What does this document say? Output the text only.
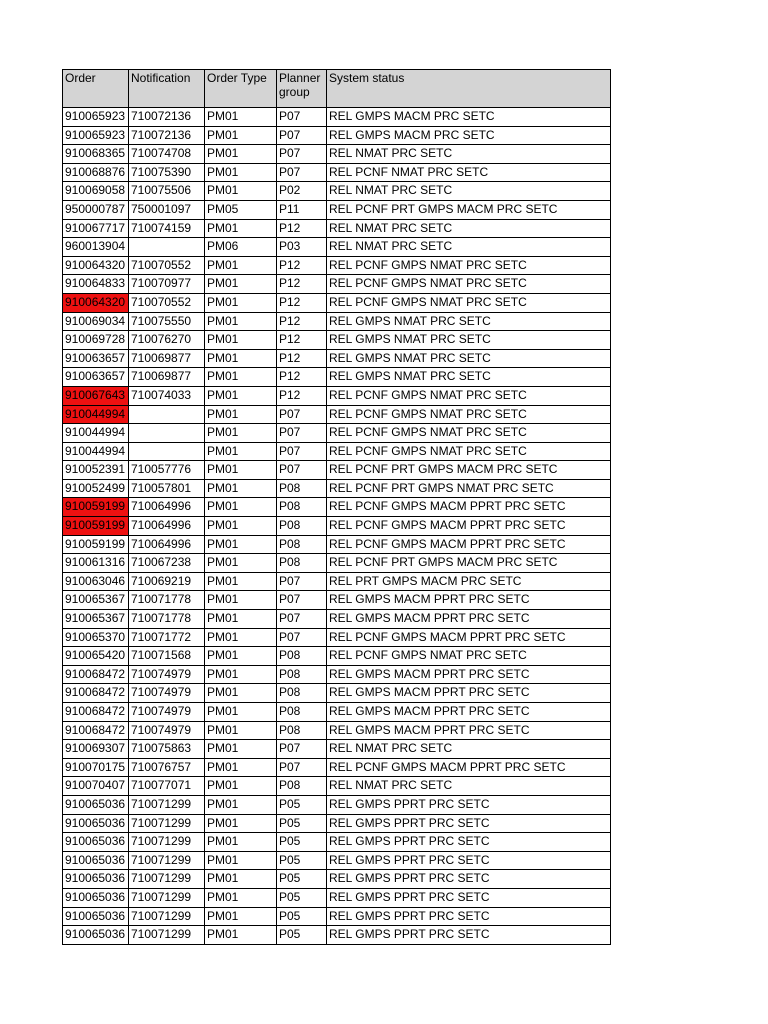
Order	Notification	Order Type	Planner group	System status
910065923	710072136	PM01	P07	REL GMPS MACM PRC SETC
910065923	710072136	PM01	P07	REL GMPS MACM PRC SETC
910068365	710074708	PM01	P07	REL NMAT PRC SETC
910068876	710075390	PM01	P07	REL PCNF NMAT PRC SETC
910069058	710075506	PM01	P02	REL NMAT PRC SETC
950000787	750001097	PM05	P11	REL PCNF PRT GMPS MACM PRC SETC
910067717	710074159	PM01	P12	REL NMAT PRC SETC
960013904		PM06	P03	REL NMAT PRC SETC
910064320	710070552	PM01	P12	REL PCNF GMPS NMAT PRC SETC
910064833	710070977	PM01	P12	REL PCNF GMPS NMAT PRC SETC
910064320	710070552	PM01	P12	REL PCNF GMPS NMAT PRC SETC
910069034	710075550	PM01	P12	REL GMPS NMAT PRC SETC
910069728	710076270	PM01	P12	REL GMPS NMAT PRC SETC
910063657	710069877	PM01	P12	REL GMPS NMAT PRC SETC
910063657	710069877	PM01	P12	REL GMPS NMAT PRC SETC
910067643	710074033	PM01	P12	REL PCNF GMPS NMAT PRC SETC
910044994		PM01	P07	REL PCNF GMPS NMAT PRC SETC
910044994		PM01	P07	REL PCNF GMPS NMAT PRC SETC
910044994		PM01	P07	REL PCNF GMPS NMAT PRC SETC
910052391	710057776	PM01	P07	REL PCNF PRT GMPS MACM PRC SETC
910052499	710057801	PM01	P08	REL PCNF PRT GMPS NMAT PRC SETC
910059199	710064996	PM01	P08	REL PCNF GMPS MACM PPRT PRC SETC
910059199	710064996	PM01	P08	REL PCNF GMPS MACM PPRT PRC SETC
910059199	710064996	PM01	P08	REL PCNF GMPS MACM PPRT PRC SETC
910061316	710067238	PM01	P08	REL PCNF PRT GMPS MACM PRC SETC
910063046	710069219	PM01	P07	REL PRT GMPS MACM PRC SETC
910065367	710071778	PM01	P07	REL GMPS MACM PPRT PRC SETC
910065367	710071778	PM01	P07	REL GMPS MACM PPRT PRC SETC
910065370	710071772	PM01	P07	REL PCNF GMPS MACM PPRT PRC SETC
910065420	710071568	PM01	P08	REL PCNF GMPS NMAT PRC SETC
910068472	710074979	PM01	P08	REL GMPS MACM PPRT PRC SETC
910068472	710074979	PM01	P08	REL GMPS MACM PPRT PRC SETC
910068472	710074979	PM01	P08	REL GMPS MACM PPRT PRC SETC
910068472	710074979	PM01	P08	REL GMPS MACM PPRT PRC SETC
910069307	710075863	PM01	P07	REL NMAT PRC SETC
910070175	710076757	PM01	P07	REL PCNF GMPS MACM PPRT PRC SETC
910070407	710077071	PM01	P08	REL NMAT PRC SETC
910065036	710071299	PM01	P05	REL GMPS PPRT PRC SETC
910065036	710071299	PM01	P05	REL GMPS PPRT PRC SETC
910065036	710071299	PM01	P05	REL GMPS PPRT PRC SETC
910065036	710071299	PM01	P05	REL GMPS PPRT PRC SETC
910065036	710071299	PM01	P05	REL GMPS PPRT PRC SETC
910065036	710071299	PM01	P05	REL GMPS PPRT PRC SETC
910065036	710071299	PM01	P05	REL GMPS PPRT PRC SETC
910065036	710071299	PM01	P05	REL GMPS PPRT PRC SETC
